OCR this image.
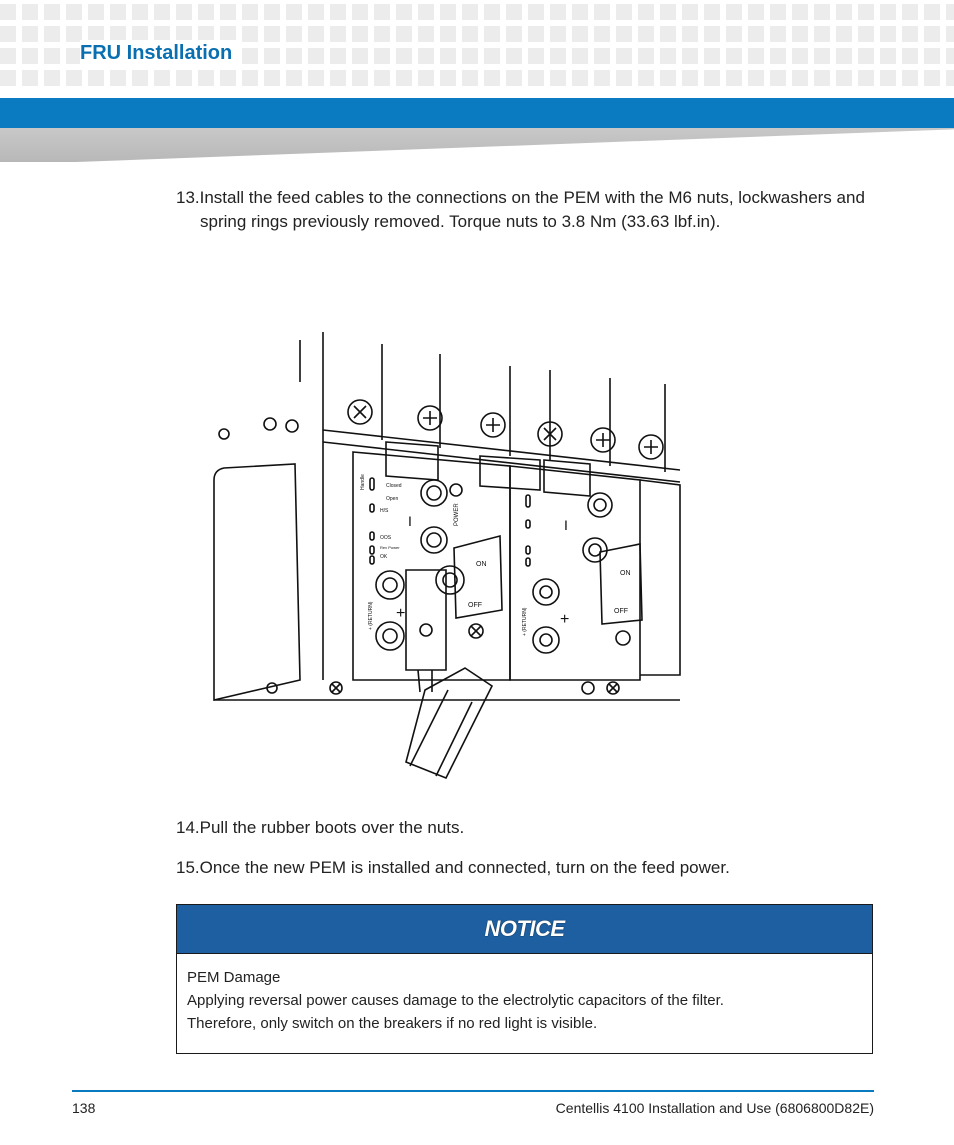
FRU Installation
13.Install the feed cables to the connections on the PEM with the M6 nuts, lockwashers and spring rings previously removed. Torque nuts to 3.8 Nm (33.63 lbf.in).
Closed
Open
H/S
OOS
Rev Power
OK
Handle
ON
OFF
ON
OFF
+	+
I	I
+ (RETURN)	+ (RETURN)
POWER
14.Pull the rubber boots over the nuts.
15.Once the new PEM is installed and connected, turn on the feed power.
NOTICE
PEM Damage
Applying reversal power causes damage to the electrolytic capacitors of the filter.
Therefore, only switch on the breakers if no red light is visible.
138	Centellis 4100 Installation and Use (6806800D82E)
